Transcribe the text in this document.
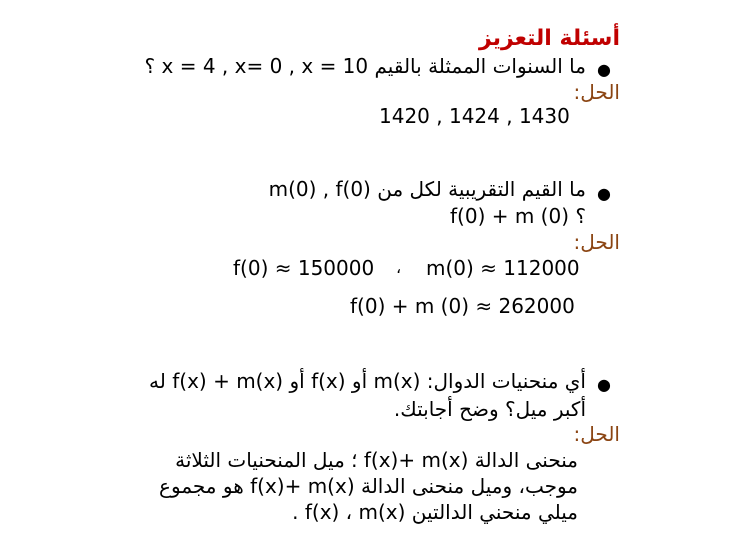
أسئلة التعزيز
●
ما السنوات الممثلة بالقيم x = 4 , x= 0 , x = 10 ؟
الحل:
1420 , 1424 , 1430
●
ما القيم التقريبية لكل من m(0) , f(0)
f(0) + m (0) ؟
الحل:
f(0) ≈ 150000 ، m(0) ≈ 112000
f(0) + m (0) ≈ 262000
●
أي منحنيات الدوال: m(x) أو f(x) أو f(x) + m(x) له
أكبر ميل؟ وضح أجابتك.
الحل:
منحنى الدالة f(x)+ m(x) ؛ ميل المنحنيات الثلاثة
موجب، وميل منحنى الدالة f(x)+ m(x) هو مجموع
ميلي منحني الدالتين f(x) ، m(x) .
